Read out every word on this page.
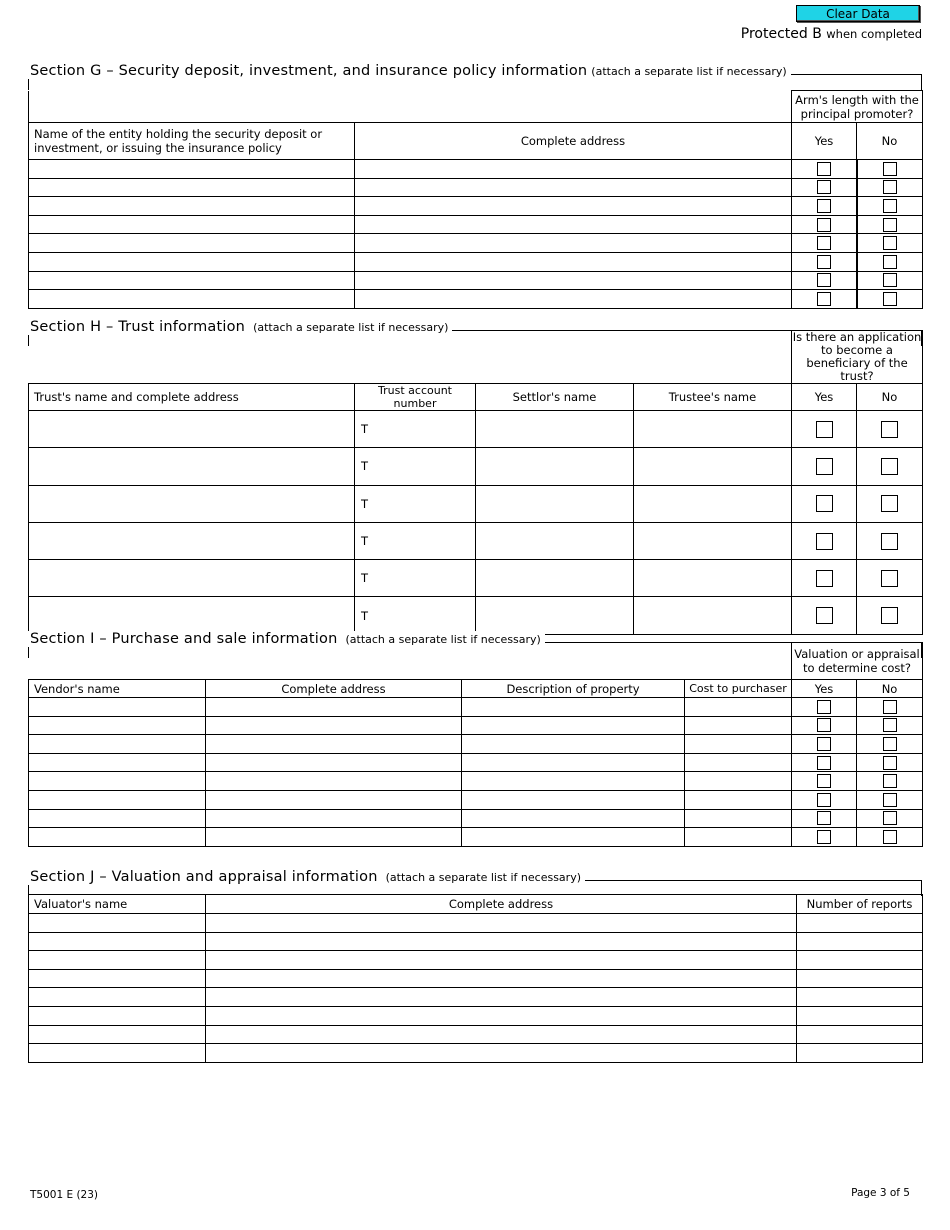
Clear Data
Protected B when completed
Section G – Security deposit, investment, and insurance policy information (attach a separate list if necessary)
		Arm's length with the principal promoter?	
Name of the entity holding the security deposit or investment, or issuing the insurance policy	Complete address	Yes	No

Section H – Trust information (attach a separate list if necessary)
				Is there an application to become a beneficiary of the trust?	
Trust's name and complete address	Trust account number	Settlor's name	Trustee's name	Yes	No
	T				
	T				
	T				
	T				
	T				
	T				
Section I – Purchase and sale information (attach a separate list if necessary)
				Valuation or appraisal to determine cost?	
Vendor's name	Complete address	Description of property	Cost to purchaser	Yes	No

Section J – Valuation and appraisal information (attach a separate list if necessary)
Valuator's name	Complete address	Number of reports

T5001 E (23)	Page 3 of 5
